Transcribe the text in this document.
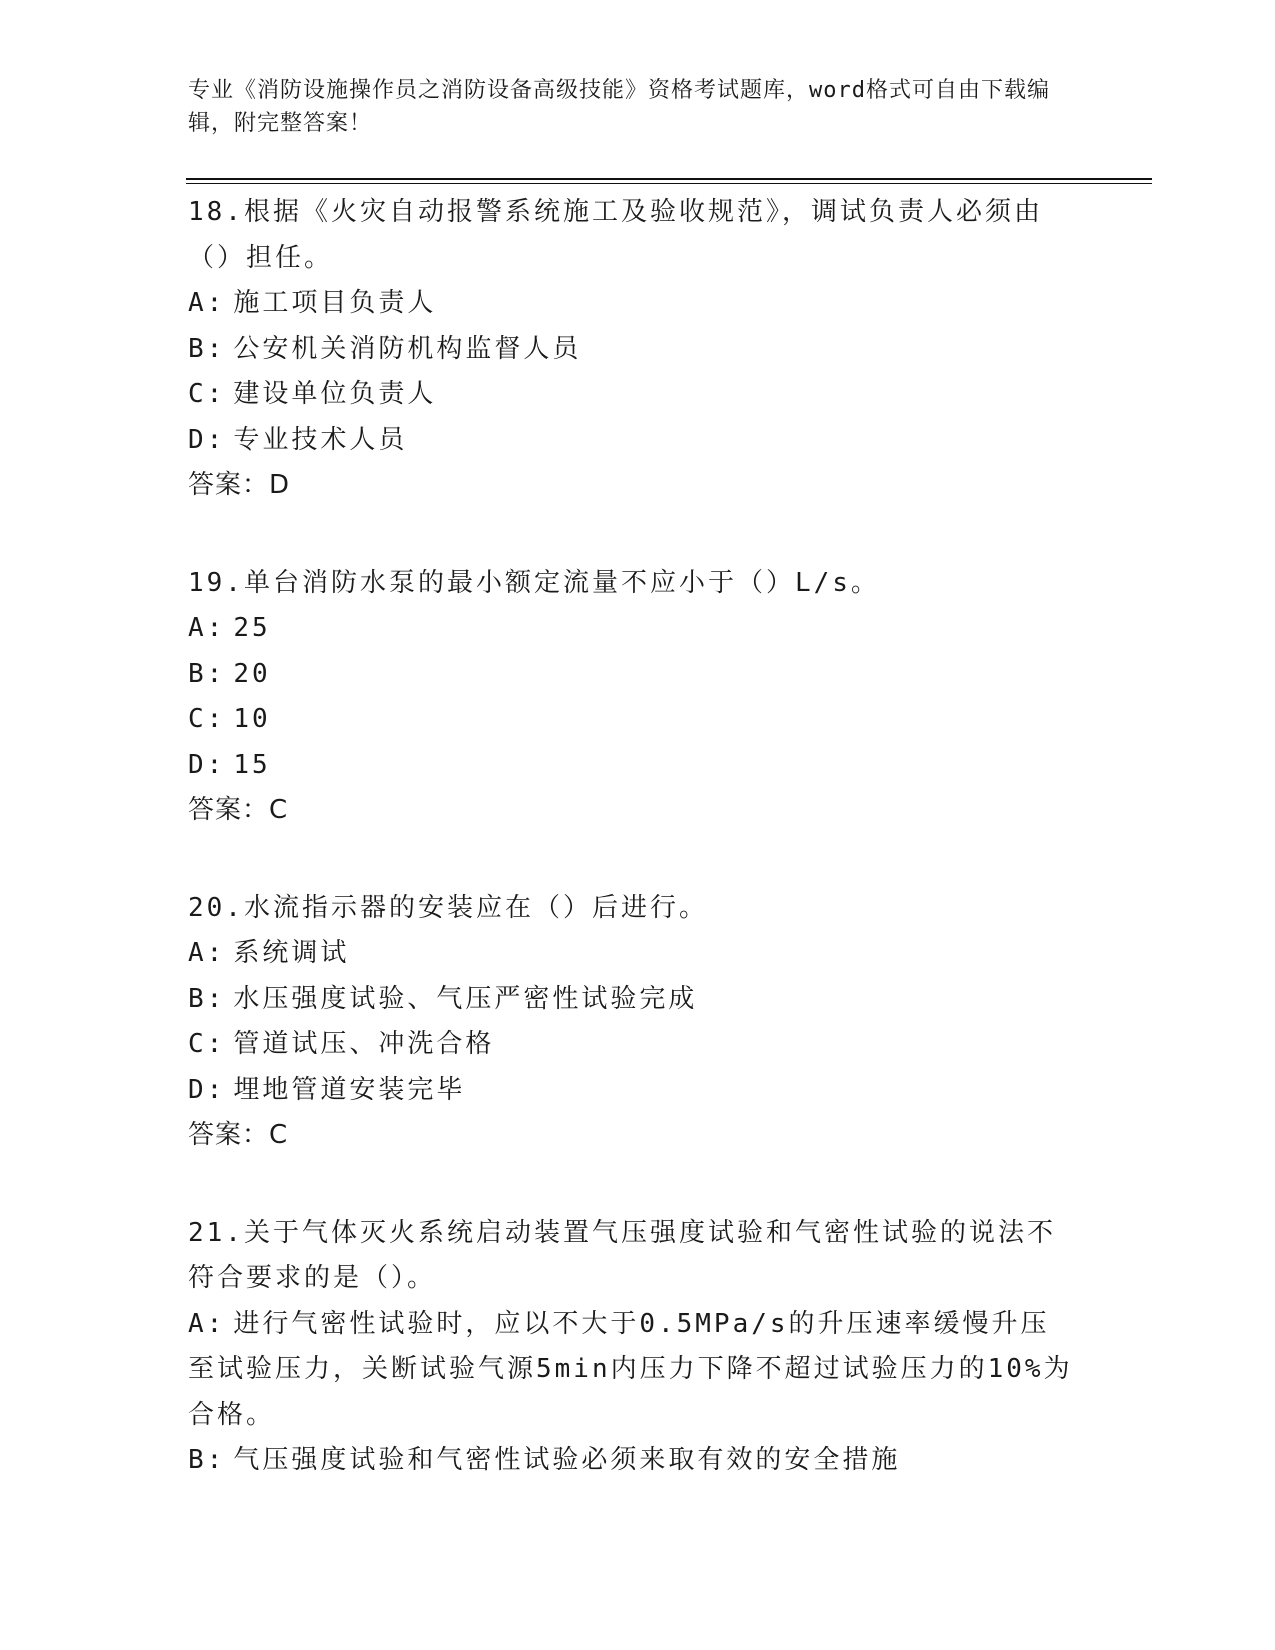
专业《消防设施操作员之消防设备高级技能》资格考试题库，word格式可自由下载编辑，附完整答案！

18.根据《火灾自动报警系统施工及验收规范》，调试负责人必须由（）担任。

A: 施工项目负责人

B: 公安机关消防机构监督人员

C: 建设单位负责人

D: 专业技术人员

答案：D

19.单台消防水泵的最小额定流量不应小于（）L/s。

A: 25

B: 20

C: 10

D: 15

答案：C

20.水流指示器的安装应在（）后进行。

A: 系统调试

B: 水压强度试验、气压严密性试验完成

C: 管道试压、冲洗合格

D: 埋地管道安装完毕

答案：C

21.关于气体灭火系统启动装置气压强度试验和气密性试验的说法不符合要求的是（）。

A: 进行气密性试验时，应以不大于0.5MPa/s的升压速率缓慢升压至试验压力，关断试验气源5min内压力下降不超过试验压力的10%为合格。

B: 气压强度试验和气密性试验必须来取有效的安全措施
